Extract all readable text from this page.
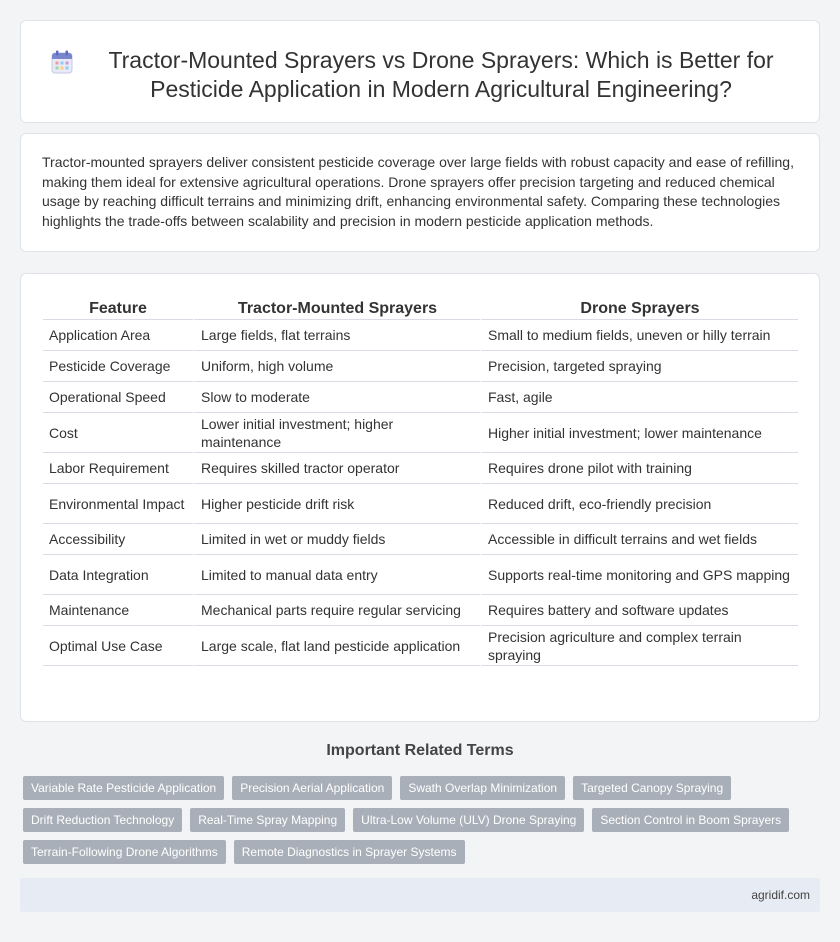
Tractor-Mounted Sprayers vs Drone Sprayers: Which is Better for Pesticide Application in Modern Agricultural Engineering?

Tractor-mounted sprayers deliver consistent pesticide coverage over large fields with robust capacity and ease of refilling, making them ideal for extensive agricultural operations. Drone sprayers offer precision targeting and reduced chemical usage by reaching difficult terrains and minimizing drift, enhancing environmental safety. Comparing these technologies highlights the trade-offs between scalability and precision in modern pesticide application methods.

Feature	Tractor-Mounted Sprayers	Drone Sprayers
Application Area	Large fields, flat terrains	Small to medium fields, uneven or hilly terrain
Pesticide Coverage	Uniform, high volume	Precision, targeted spraying
Operational Speed	Slow to moderate	Fast, agile
Cost	Lower initial investment; higher maintenance	Higher initial investment; lower maintenance
Labor Requirement	Requires skilled tractor operator	Requires drone pilot with training
Environmental Impact	Higher pesticide drift risk	Reduced drift, eco-friendly precision
Accessibility	Limited in wet or muddy fields	Accessible in difficult terrains and wet fields
Data Integration	Limited to manual data entry	Supports real-time monitoring and GPS mapping
Maintenance	Mechanical parts require regular servicing	Requires battery and software updates
Optimal Use Case	Large scale, flat land pesticide application	Precision agriculture and complex terrain spraying
Important Related Terms
Variable Rate Pesticide Application	Precision Aerial Application	Swath Overlap Minimization	Targeted Canopy Spraying
Drift Reduction Technology	Real-Time Spray Mapping	Ultra-Low Volume (ULV) Drone Spraying	Section Control in Boom Sprayers
Terrain-Following Drone Algorithms	Remote Diagnostics in Sprayer Systems
agridif.com
